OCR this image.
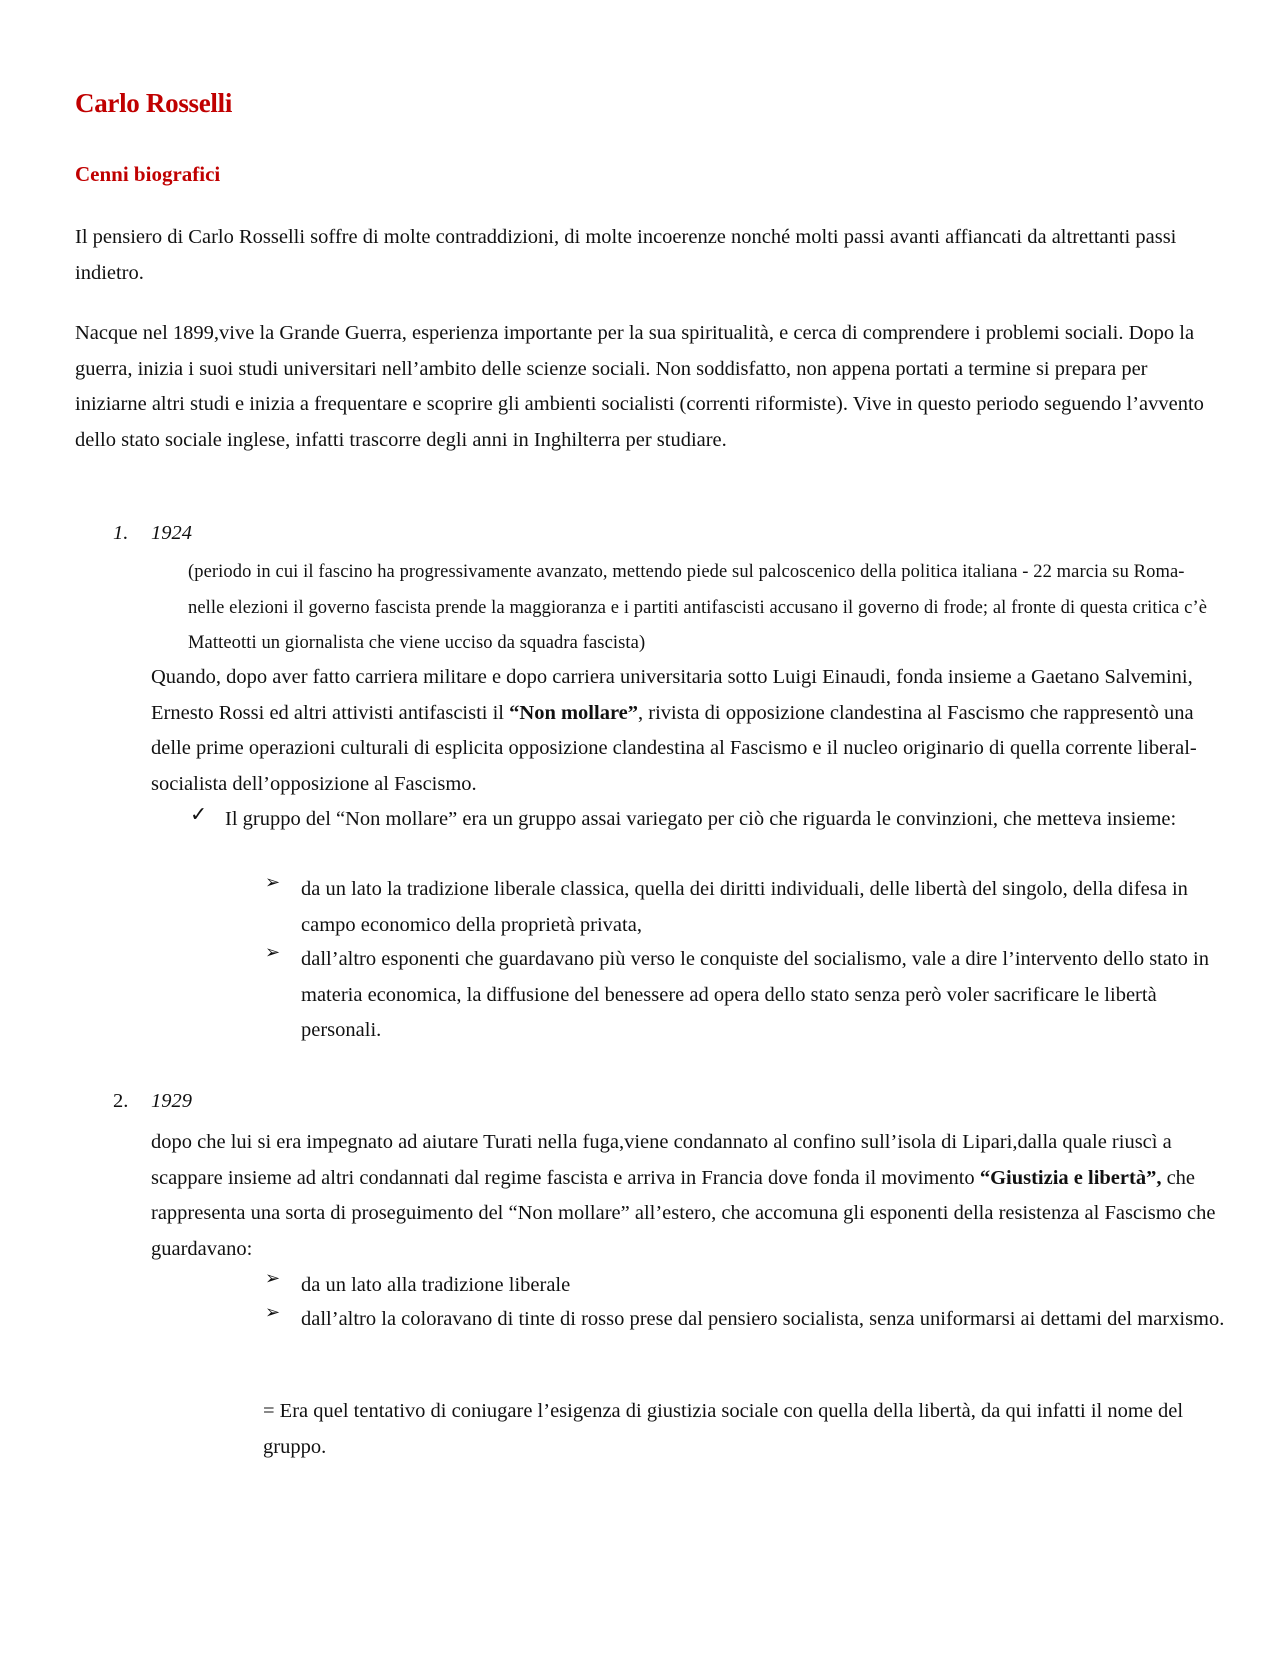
Carlo Rosselli
Cenni biografici
Il pensiero di Carlo Rosselli soffre di molte contraddizioni, di molte incoerenze nonché molti passi avanti affiancati da altrettanti passi indietro.
Nacque nel 1899,vive la Grande Guerra, esperienza importante per la sua spiritualità, e cerca di comprendere i problemi sociali. Dopo la guerra, inizia i suoi studi universitari nell’ambito delle scienze sociali. Non soddisfatto, non appena portati a termine si prepara per iniziarne altri studi e inizia a frequentare e scoprire gli ambienti socialisti (correnti riformiste). Vive in questo periodo seguendo l’avvento dello stato sociale inglese, infatti trascorre degli anni in Inghilterra per studiare.
1. 1924
(periodo in cui il fascino ha progressivamente avanzato, mettendo piede sul palcoscenico della politica italiana - 22 marcia su Roma- nelle elezioni il governo fascista prende la maggioranza e i partiti antifascisti accusano il governo di frode; al fronte di questa critica c’è Matteotti un giornalista che viene ucciso da squadra fascista)
Quando, dopo aver fatto carriera militare e dopo carriera universitaria sotto Luigi Einaudi, fonda insieme a Gaetano Salvemini, Ernesto Rossi ed altri attivisti antifascisti il “Non mollare”, rivista di opposizione clandestina al Fascismo che rappresentò una delle prime operazioni culturali di esplicita opposizione clandestina al Fascismo e il nucleo originario di quella corrente liberal-socialista dell’opposizione al Fascismo.
✓ Il gruppo del “Non mollare” era un gruppo assai variegato per ciò che riguarda le convinzioni, che metteva insieme:
➢ da un lato la tradizione liberale classica, quella dei diritti individuali, delle libertà del singolo, della difesa in campo economico della proprietà privata,
➢ dall’altro esponenti che guardavano più verso le conquiste del socialismo, vale a dire l’intervento dello stato in materia economica, la diffusione del benessere ad opera dello stato senza però voler sacrificare le libertà personali.
2. 1929
dopo che lui si era impegnato ad aiutare Turati nella fuga,viene condannato al confino sull’isola di Lipari,dalla quale riuscì a scappare insieme ad altri condannati dal regime fascista e arriva in Francia dove fonda il movimento “Giustizia e libertà”, che rappresenta una sorta di proseguimento del “Non mollare” all’estero, che accomuna gli esponenti della resistenza al Fascismo che guardavano:
➢ da un lato alla tradizione liberale
➢ dall’altro la coloravano di tinte di rosso prese dal pensiero socialista, senza uniformarsi ai dettami del marxismo.
= Era quel tentativo di coniugare l’esigenza di giustizia sociale con quella della libertà, da qui infatti il nome del gruppo.
